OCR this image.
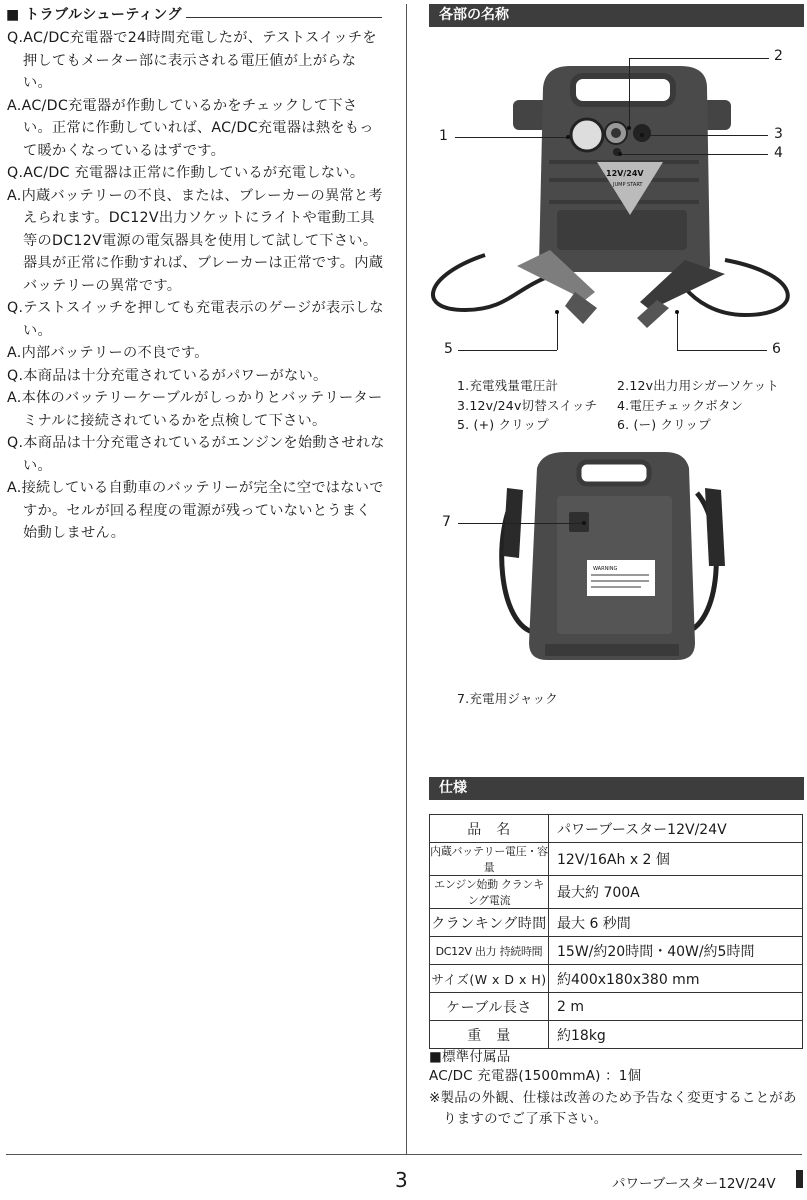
■ トラブルシューティング
Q.AC/DC充電器で24時間充電したが、テストスイッチを押してもメーター部に表示される電圧値が上がらない。
A.AC/DC充電器が作動しているかをチェックして下さい。正常に作動していれば、AC/DC充電器は熱をもって暖かくなっているはずです。
Q.AC/DC 充電器は正常に作動しているが充電しない。
A.内蔵バッテリーの不良、または、ブレーカーの異常と考えられます。DC12V出力ソケットにライトや電動工具等のDC12V電源の電気器具を使用して試して下さい。器具が正常に作動すれば、ブレーカーは正常です。内蔵バッテリーの異常です。
Q.テストスイッチを押しても充電表示のゲージが表示しない。
A.内部バッテリーの不良です。
Q.本商品は十分充電されているがパワーがない。
A.本体のバッテリーケーブルがしっかりとバッテリーターミナルに接続されているかを点検して下さい。
Q.本商品は十分充電されているがエンジンを始動させれない。
A.接続している自動車のバッテリーが完全に空ではないですか。セルが回る程度の電源が残っていないとうまく始動しません。
各部の名称
12V/24V
JUMP START
1
2
3
4
5	6
1.充電残量電圧計	2.12v出力用シガーソケット
3.12v/24v切替スイッチ 4.電圧チェックボタン
5. (+) クリップ	6. (ー) クリップ
WARNING
7
7.充電用ジャック
仕様
品　名	パワーブースター12V/24V
内蔵バッテリー電圧・容量	12V/16Ah x 2 個
エンジン始動 クランキング電流	最大約 700A
クランキング時間	最大 6 秒間
DC12V 出力 持続時間	15W/約20時間・40W/約5時間
サイズ(W x D x H)	約400x180x380 mm
ケーブル長さ	2 m
重　量	約18kg
■標準付属品
AC/DC 充電器(1500mmA) ：1個
※製品の外観、仕様は改善のため予告なく変更することがありますのでご了承下さい。
3	パワーブースター12V/24V
